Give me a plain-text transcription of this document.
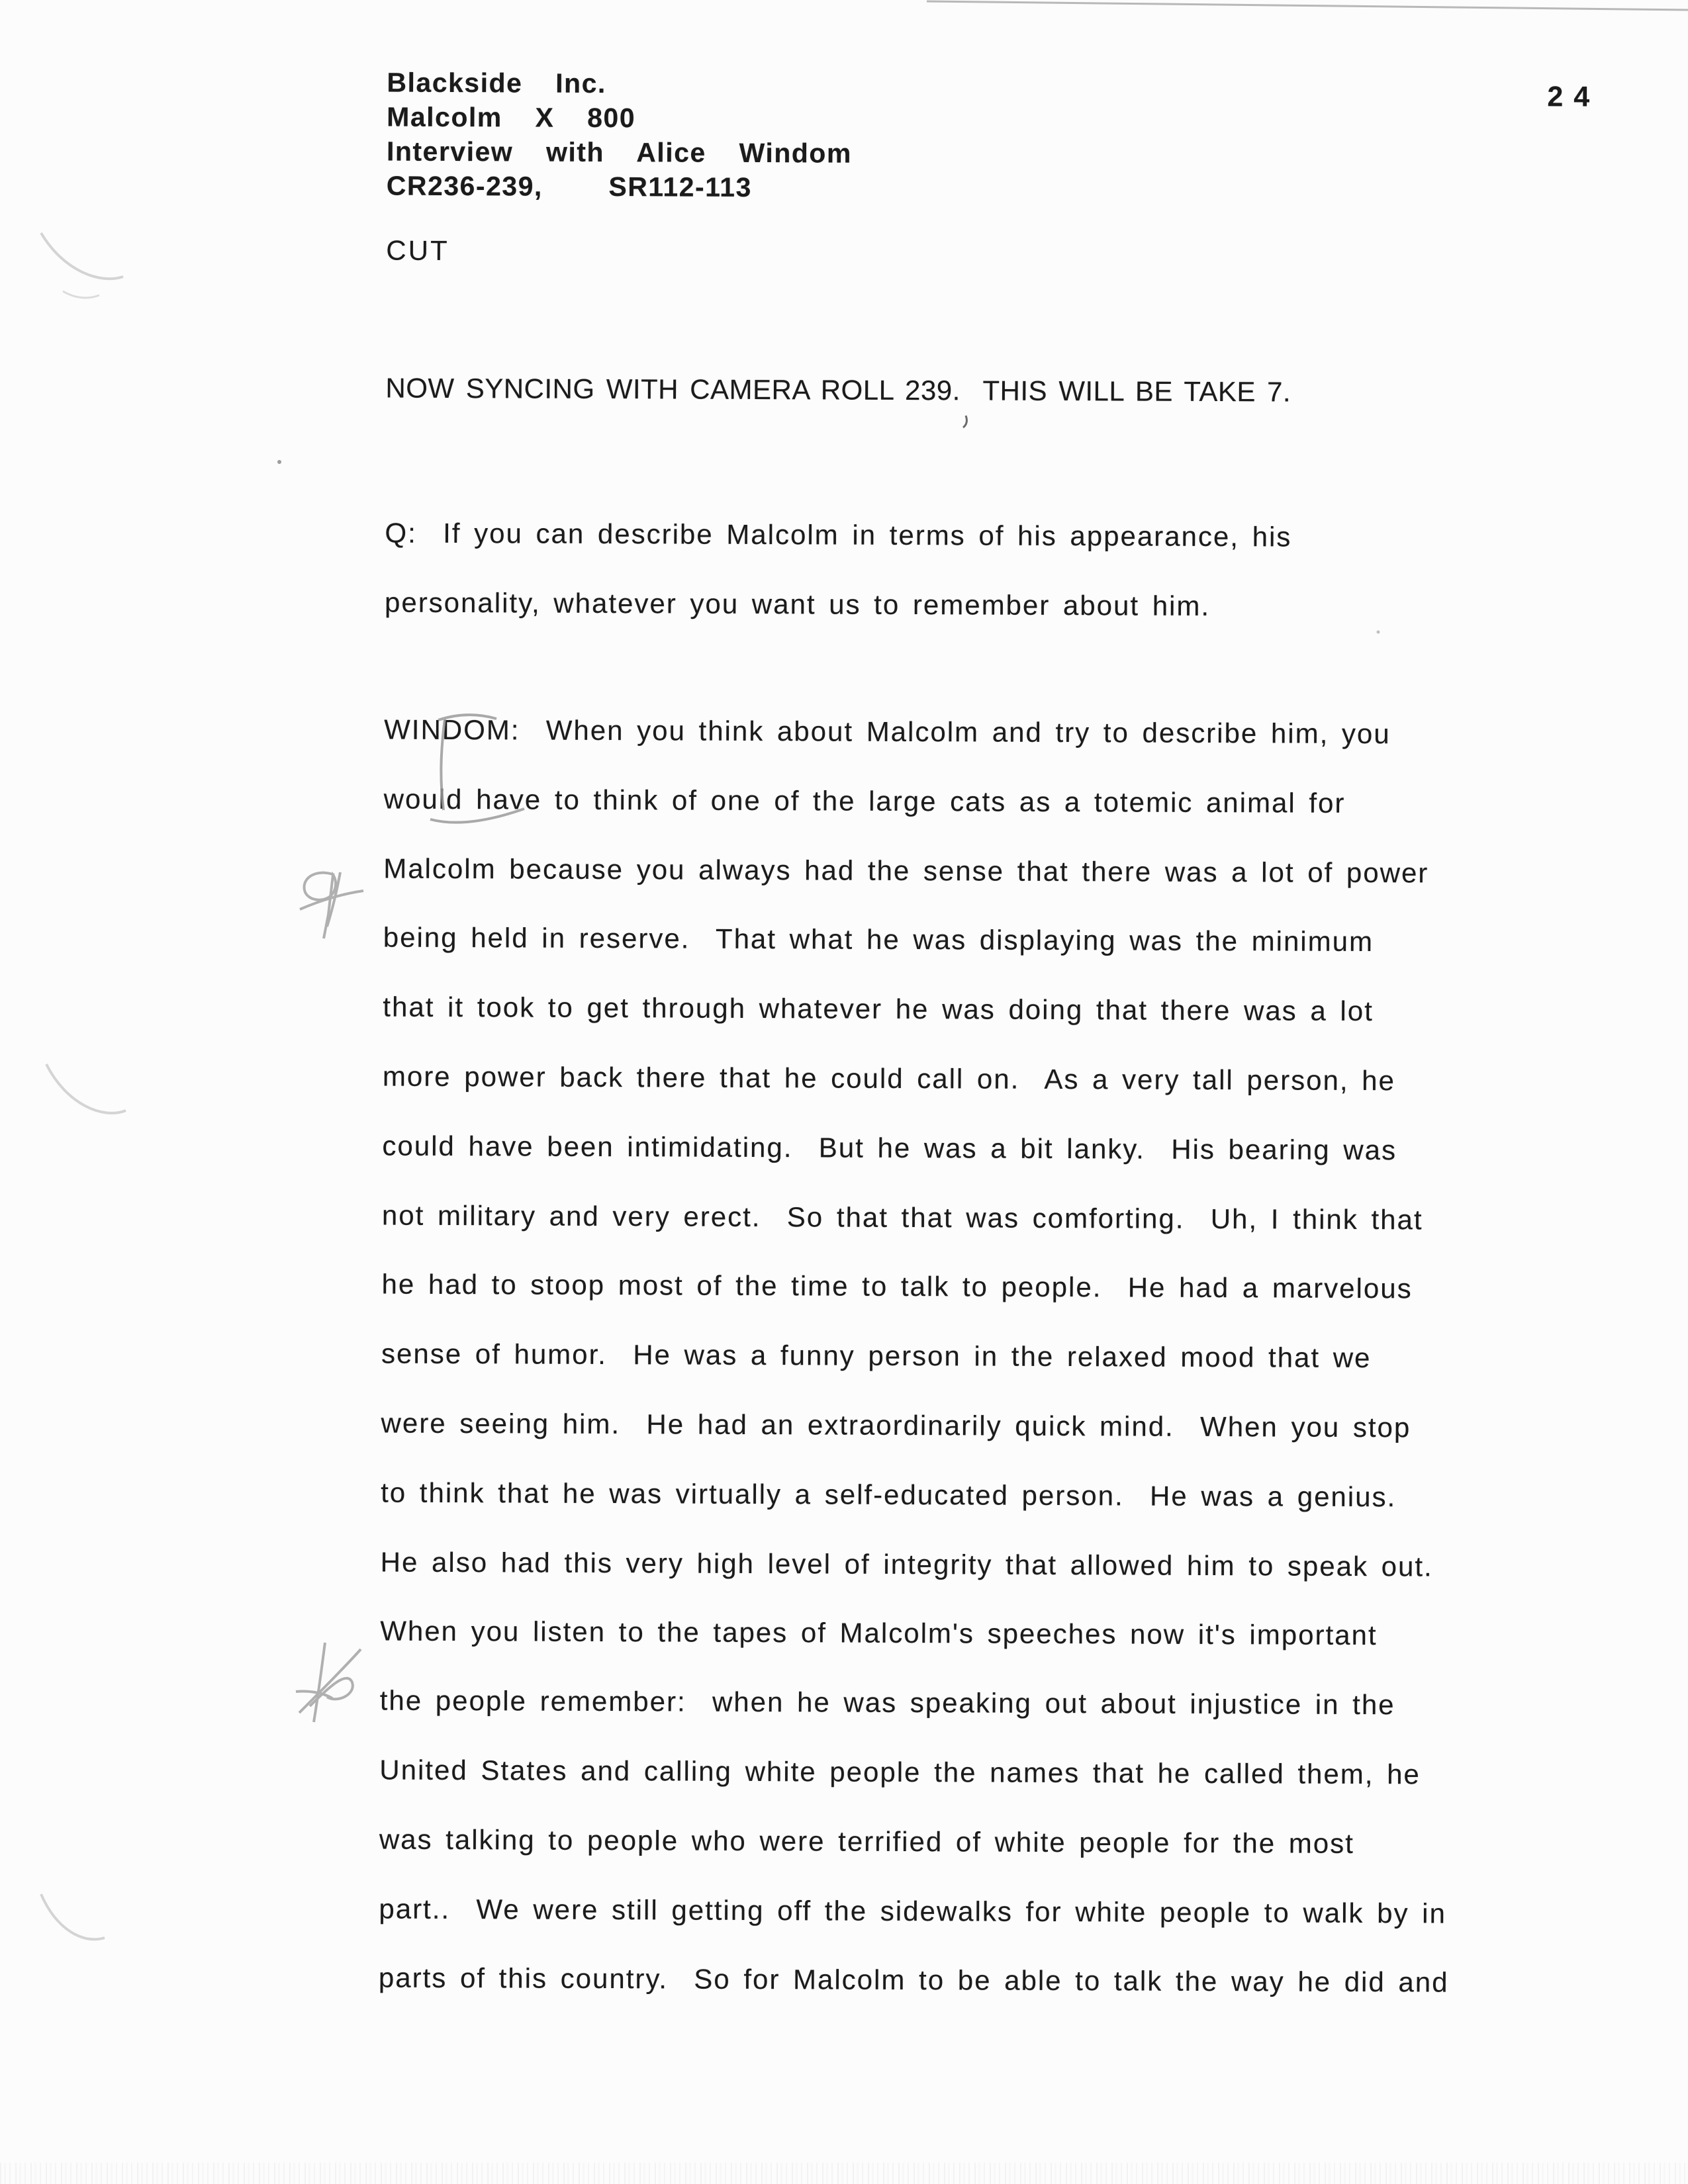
Blackside  Inc.
Malcolm  X  800
Interview  with  Alice  Windom
CR236-239,    SR112-113
24
CUT
NOW SYNCING WITH CAMERA ROLL 239.  THIS WILL BE TAKE 7.
Q:  If you can describe Malcolm in terms of his appearance, his
personality, whatever you want us to remember about him.
WINDOM:  When you think about Malcolm and try to describe him, you
would have to think of one of the large cats as a totemic animal for
Malcolm because you always had the sense that there was a lot of power
being held in reserve.  That what he was displaying was the minimum
that it took to get through whatever he was doing that there was a lot
more power back there that he could call on.  As a very tall person, he
could have been intimidating.  But he was a bit lanky.  His bearing was
not military and very erect.  So that that was comforting.  Uh, I think that
he had to stoop most of the time to talk to people.  He had a marvelous
sense of humor.  He was a funny person in the relaxed mood that we
were seeing him.  He had an extraordinarily quick mind.  When you stop
to think that he was virtually a self-educated person.  He was a genius.
He also had this very high level of integrity that allowed him to speak out.
When you listen to the tapes of Malcolm's speeches now it's important
the people remember:  when he was speaking out about injustice in the
United States and calling white people the names that he called them, he
was talking to people who were terrified of white people for the most
part..  We were still getting off the sidewalks for white people to walk by in
parts of this country.  So for Malcolm to be able to talk the way he did and
